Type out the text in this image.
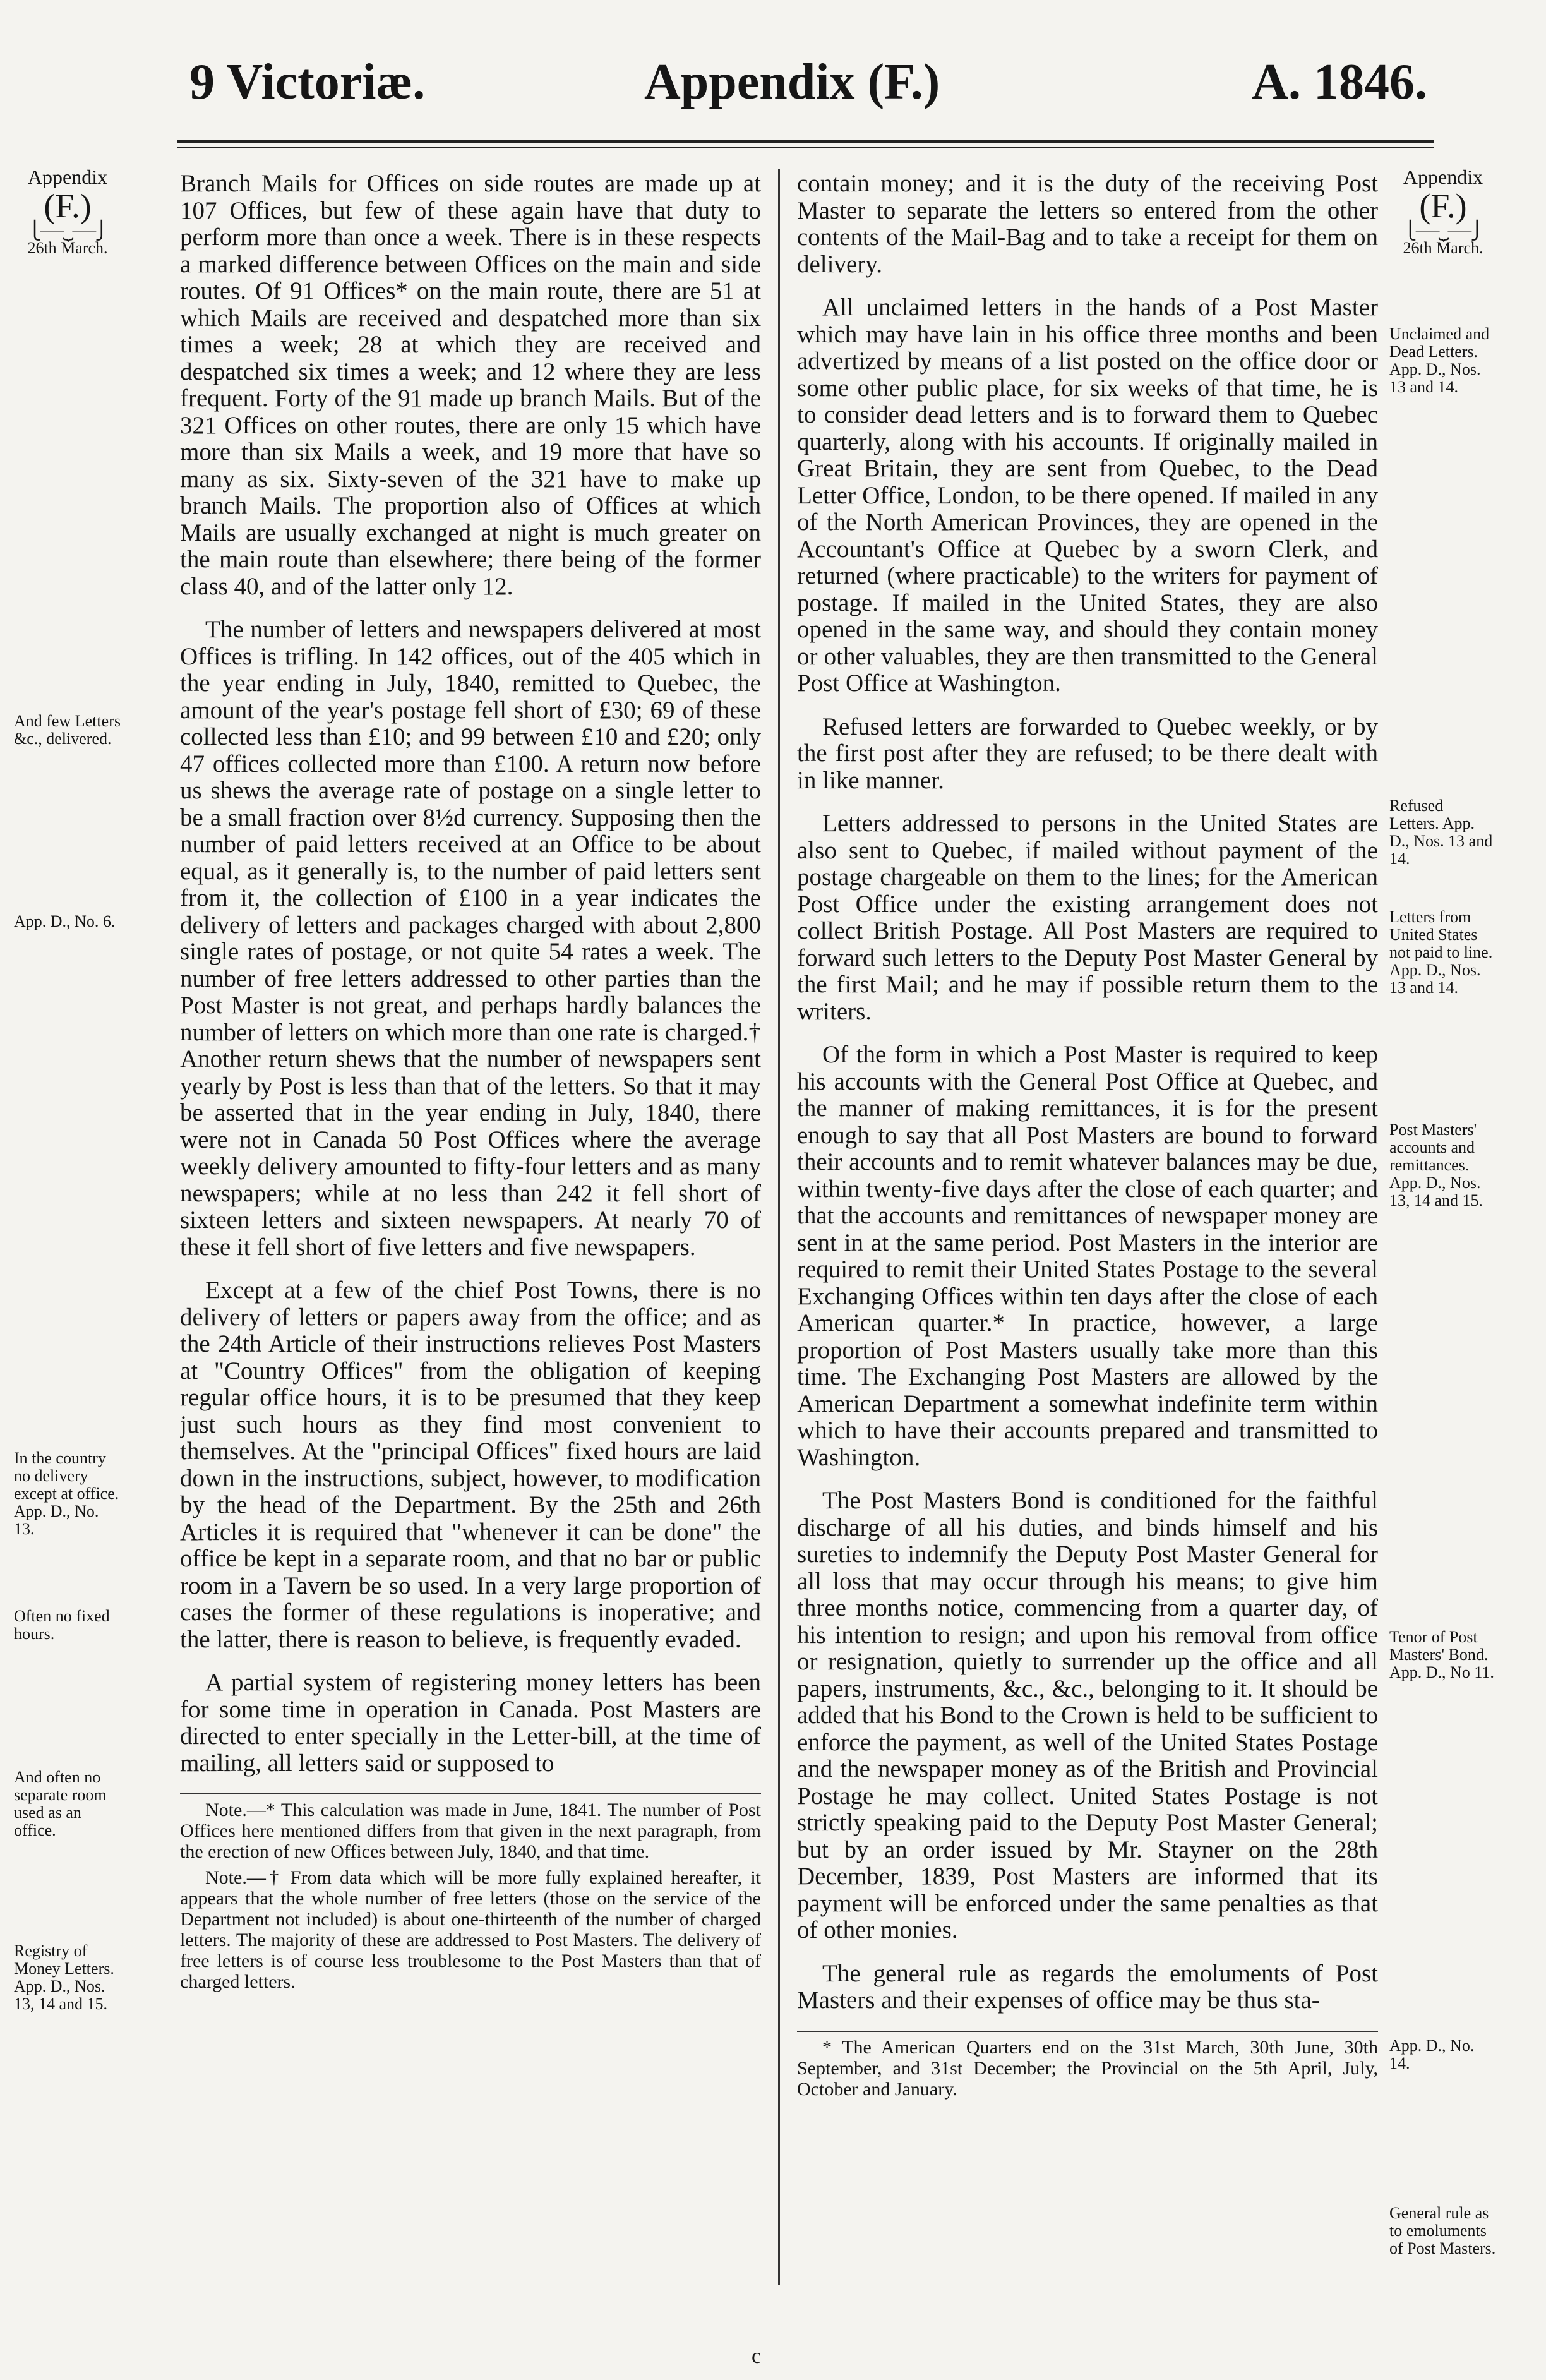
9 Victoriæ.	Appendix (F.)	A. 1846.
Appendix
(F.)
⎩⎯⎯⎯⏟⎯⎯⎯⎭
26th March.
Appendix
(F.)
⎩⎯⎯⎯⏟⎯⎯⎯⎭
26th March.
And few Letters &c., delivered.
App. D., No. 6.
In the country no delivery except at office. App. D., No. 13.
Often no fixed hours.
And often no separate room used as an office.
Registry of Money Letters. App. D., Nos. 13, 14 and 15.
Unclaimed and Dead Letters. App. D., Nos. 13 and 14.
Refused Letters. App. D., Nos. 13 and 14.
Letters from United States not paid to line. App. D., Nos. 13 and 14.
Post Masters' accounts and remittances. App. D., Nos. 13, 14 and 15.
Tenor of Post Masters' Bond. App. D., No 11.
App. D., No. 14.
General rule as to emoluments of Post Masters.

Branch Mails for Offices on side routes are made up at 107 Offices, but few of these again have that duty to perform more than once a week. There is in these respects a marked difference between Offices on the main and side routes. Of 91 Offices* on the main route, there are 51 at which Mails are received and despatched more than six times a week; 28 at which they are received and despatched six times a week; and 12 where they are less frequent. Forty of the 91 made up branch Mails. But of the 321 Offices on other routes, there are only 15 which have more than six Mails a week, and 19 more that have so many as six. Sixty-seven of the 321 have to make up branch Mails. The proportion also of Offices at which Mails are usually exchanged at night is much greater on the main route than elsewhere; there being of the former class 40, and of the latter only 12.

The number of letters and newspapers delivered at most Offices is trifling. In 142 offices, out of the 405 which in the year ending in July, 1840, remitted to Quebec, the amount of the year's postage fell short of £30; 69 of these collected less than £10; and 99 between £10 and £20; only 47 offices collected more than £100. A return now before us shews the average rate of postage on a single letter to be a small fraction over 8½d currency. Supposing then the number of paid letters received at an Office to be about equal, as it generally is, to the number of paid letters sent from it, the collection of £100 in a year indicates the delivery of letters and packages charged with about 2,800 single rates of postage, or not quite 54 rates a week. The number of free letters addressed to other parties than the Post Master is not great, and perhaps hardly balances the number of letters on which more than one rate is charged.† Another return shews that the number of newspapers sent yearly by Post is less than that of the letters. So that it may be asserted that in the year ending in July, 1840, there were not in Canada 50 Post Offices where the average weekly delivery amounted to fifty-four letters and as many newspapers; while at no less than 242 it fell short of sixteen letters and sixteen newspapers. At nearly 70 of these it fell short of five letters and five newspapers.

Except at a few of the chief Post Towns, there is no delivery of letters or papers away from the office; and as the 24th Article of their instructions relieves Post Masters at "Country Offices" from the obligation of keeping regular office hours, it is to be presumed that they keep just such hours as they find most convenient to themselves. At the "principal Offices" fixed hours are laid down in the instructions, subject, however, to modification by the head of the Department. By the 25th and 26th Articles it is required that "whenever it can be done" the office be kept in a separate room, and that no bar or public room in a Tavern be so used. In a very large proportion of cases the former of these regulations is inoperative; and the latter, there is reason to believe, is frequently evaded.

A partial system of registering money letters has been for some time in operation in Canada. Post Masters are directed to enter specially in the Letter-bill, at the time of mailing, all letters said or supposed to

Note.—* This calculation was made in June, 1841. The number of Post Offices here mentioned differs from that given in the next paragraph, from the erection of new Offices between July, 1840, and that time.

Note.—† From data which will be more fully explained hereafter, it appears that the whole number of free letters (those on the service of the Department not included) is about one-thirteenth of the number of charged letters. The majority of these are addressed to Post Masters. The delivery of free letters is of course less troublesome to the Post Masters than that of charged letters.

contain money; and it is the duty of the receiving Post Master to separate the letters so entered from the other contents of the Mail-Bag and to take a receipt for them on delivery.

All unclaimed letters in the hands of a Post Master which may have lain in his office three months and been advertized by means of a list posted on the office door or some other public place, for six weeks of that time, he is to consider dead letters and is to forward them to Quebec quarterly, along with his accounts. If originally mailed in Great Britain, they are sent from Quebec, to the Dead Letter Office, London, to be there opened. If mailed in any of the North American Provinces, they are opened in the Accountant's Office at Quebec by a sworn Clerk, and returned (where practicable) to the writers for payment of postage. If mailed in the United States, they are also opened in the same way, and should they contain money or other valuables, they are then transmitted to the General Post Office at Washington.

Refused letters are forwarded to Quebec weekly, or by the first post after they are refused; to be there dealt with in like manner.

Letters addressed to persons in the United States are also sent to Quebec, if mailed without payment of the postage chargeable on them to the lines; for the American Post Office under the existing arrangement does not collect British Postage. All Post Masters are required to forward such letters to the Deputy Post Master General by the first Mail; and he may if possible return them to the writers.

Of the form in which a Post Master is required to keep his accounts with the General Post Office at Quebec, and the manner of making remittances, it is for the present enough to say that all Post Masters are bound to forward their accounts and to remit whatever balances may be due, within twenty-five days after the close of each quarter; and that the accounts and remittances of newspaper money are sent in at the same period. Post Masters in the interior are required to remit their United States Postage to the several Exchanging Offices within ten days after the close of each American quarter.* In practice, however, a large proportion of Post Masters usually take more than this time. The Exchanging Post Masters are allowed by the American Department a somewhat indefinite term within which to have their accounts prepared and transmitted to Washington.

The Post Masters Bond is conditioned for the faithful discharge of all his duties, and binds himself and his sureties to indemnify the Deputy Post Master General for all loss that may occur through his means; to give him three months notice, commencing from a quarter day, of his intention to resign; and upon his removal from office or resignation, quietly to surrender up the office and all papers, instruments, &c., &c., belonging to it. It should be added that his Bond to the Crown is held to be sufficient to enforce the payment, as well of the United States Postage and the newspaper money as of the British and Provincial Postage he may collect. United States Postage is not strictly speaking paid to the Deputy Post Master General; but by an order issued by Mr. Stayner on the 28th December, 1839, Post Masters are informed that its payment will be enforced under the same penalties as that of other monies.

The general rule as regards the emoluments of Post Masters and their expenses of office may be thus sta-

* The American Quarters end on the 31st March, 30th June, 30th September, and 31st December; the Provincial on the 5th April, July, October and January.

c
